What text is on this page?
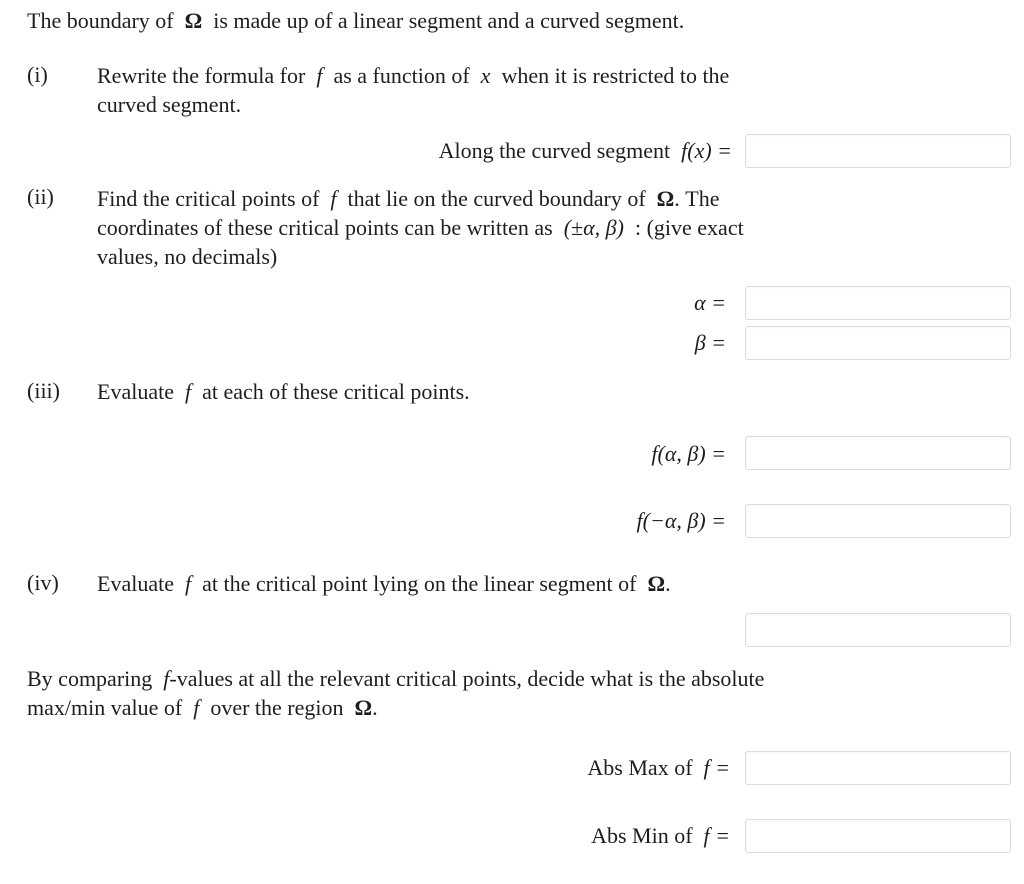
The boundary of Ω is made up of a linear segment and a curved segment.
(i) Rewrite the formula for f as a function of x when it is restricted to the
curved segment.
Along the curved segment f(x) =
(ii) Find the critical points of f that lie on the curved boundary of Ω. The
coordinates of these critical points can be written as (±α, β) : (give exact
values, no decimals)
α =
β =
(iii) Evaluate f at each of these critical points.
f(α, β) =
f(−α, β) =
(iv) Evaluate f at the critical point lying on the linear segment of Ω.
By comparing f-values at all the relevant critical points, decide what is the absolute
max/min value of f over the region Ω.
Abs Max of f =
Abs Min of f =
